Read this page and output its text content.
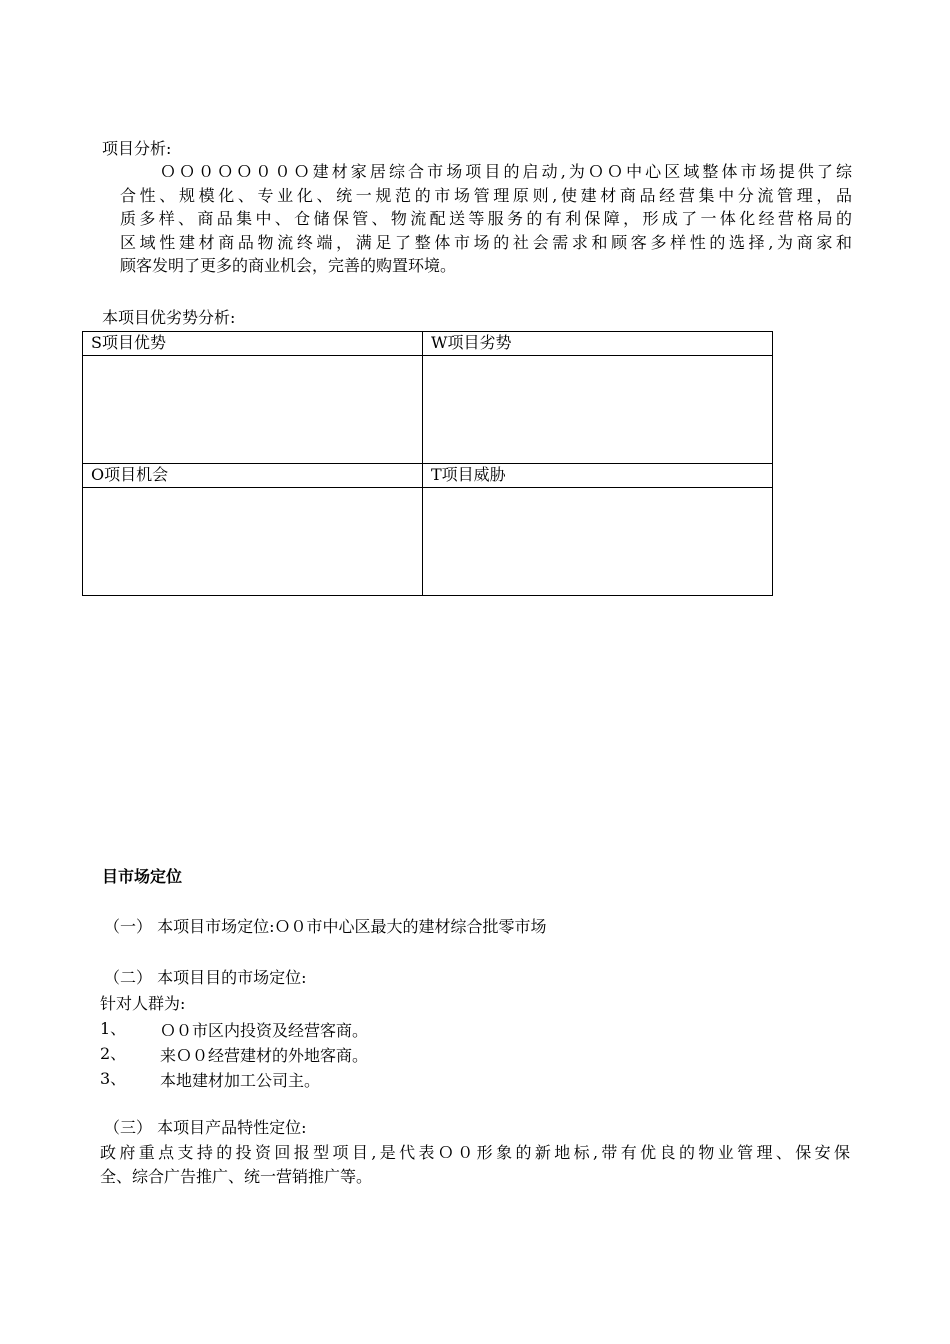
项目分析:
ＯＯ０ＯＯ００Ｏ建材家居综合市场项目的启动,为ＯＯ中心区域整体市场提供了综
合性、规模化、专业化、统一规范的市场管理原则,使建材商品经营集中分流管理，品
质多样、商品集中、仓储保管、物流配送等服务的有利保障，形成了一体化经营格局的
区域性建材商品物流终端，满足了整体市场的社会需求和顾客多样性的选择,为商家和
顾客发明了更多的商业机会，完善的购置环境。
本项目优劣势分析:
S项目优势	W项目劣势

O项目机会	T项目威胁

目市场定位
（一） 本项目市场定位:Ｏ０市中心区最大的建材综合批零市场
（二） 本项目目的市场定位:
针对人群为:
1、 Ｏ０市区内投资及经营客商。
2、 来Ｏ０经营建材的外地客商。
3、 本地建材加工公司主。
（三） 本项目产品特性定位:
政府重点支持的投资回报型项目,是代表Ｏ０形象的新地标,带有优良的物业管理、保安保
全、综合广告推广、统一营销推广等。
